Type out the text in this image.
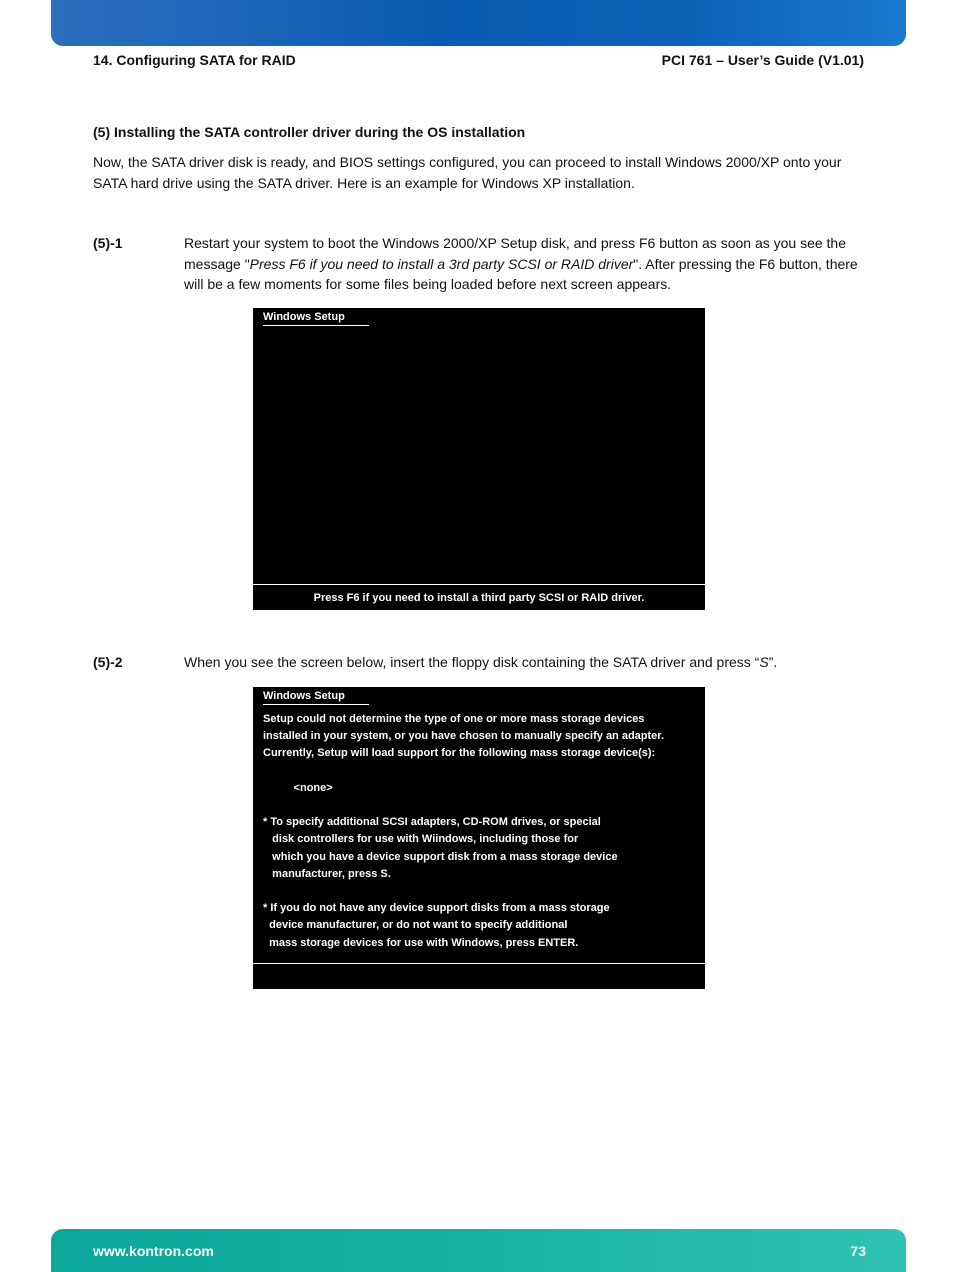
14. Configuring SATA for RAID	PCI 761 – User’s Guide (V1.01)
(5) Installing the SATA controller driver during the OS installation
Now, the SATA driver disk is ready, and BIOS settings configured, you can proceed to install Windows 2000/XP onto your SATA hard drive using the SATA driver. Here is an example for Windows XP installation.
(5)-1	Restart your system to boot the Windows 2000/XP Setup disk, and press F6 button as soon as you see the message "Press F6 if you need to install a 3rd party SCSI or RAID driver". After pressing the F6 button, there will be a few moments for some files being loaded before next screen appears.
Windows Setup
Press F6 if you need to install a third party SCSI or RAID driver.
(5)-2	When you see the screen below, insert the floppy disk containing the SATA driver and press “S”.
Windows Setup
Setup could not determine the type of one or more mass storage devices
installed in your system, or you have chosen to manually specify an adapter.
Currently, Setup will load support for the following mass storage device(s):

<none>

* To specify additional SCSI adapters, CD-ROM drives, or special
disk controllers for use with Wiindows, including those for
which you have a device support disk from a mass storage device
manufacturer, press S.

* If you do not have any device support disks from a mass storage
device manufacturer, or do not want to specify additional
mass storage devices for use with Windows, press ENTER.
www.kontron.com	73
